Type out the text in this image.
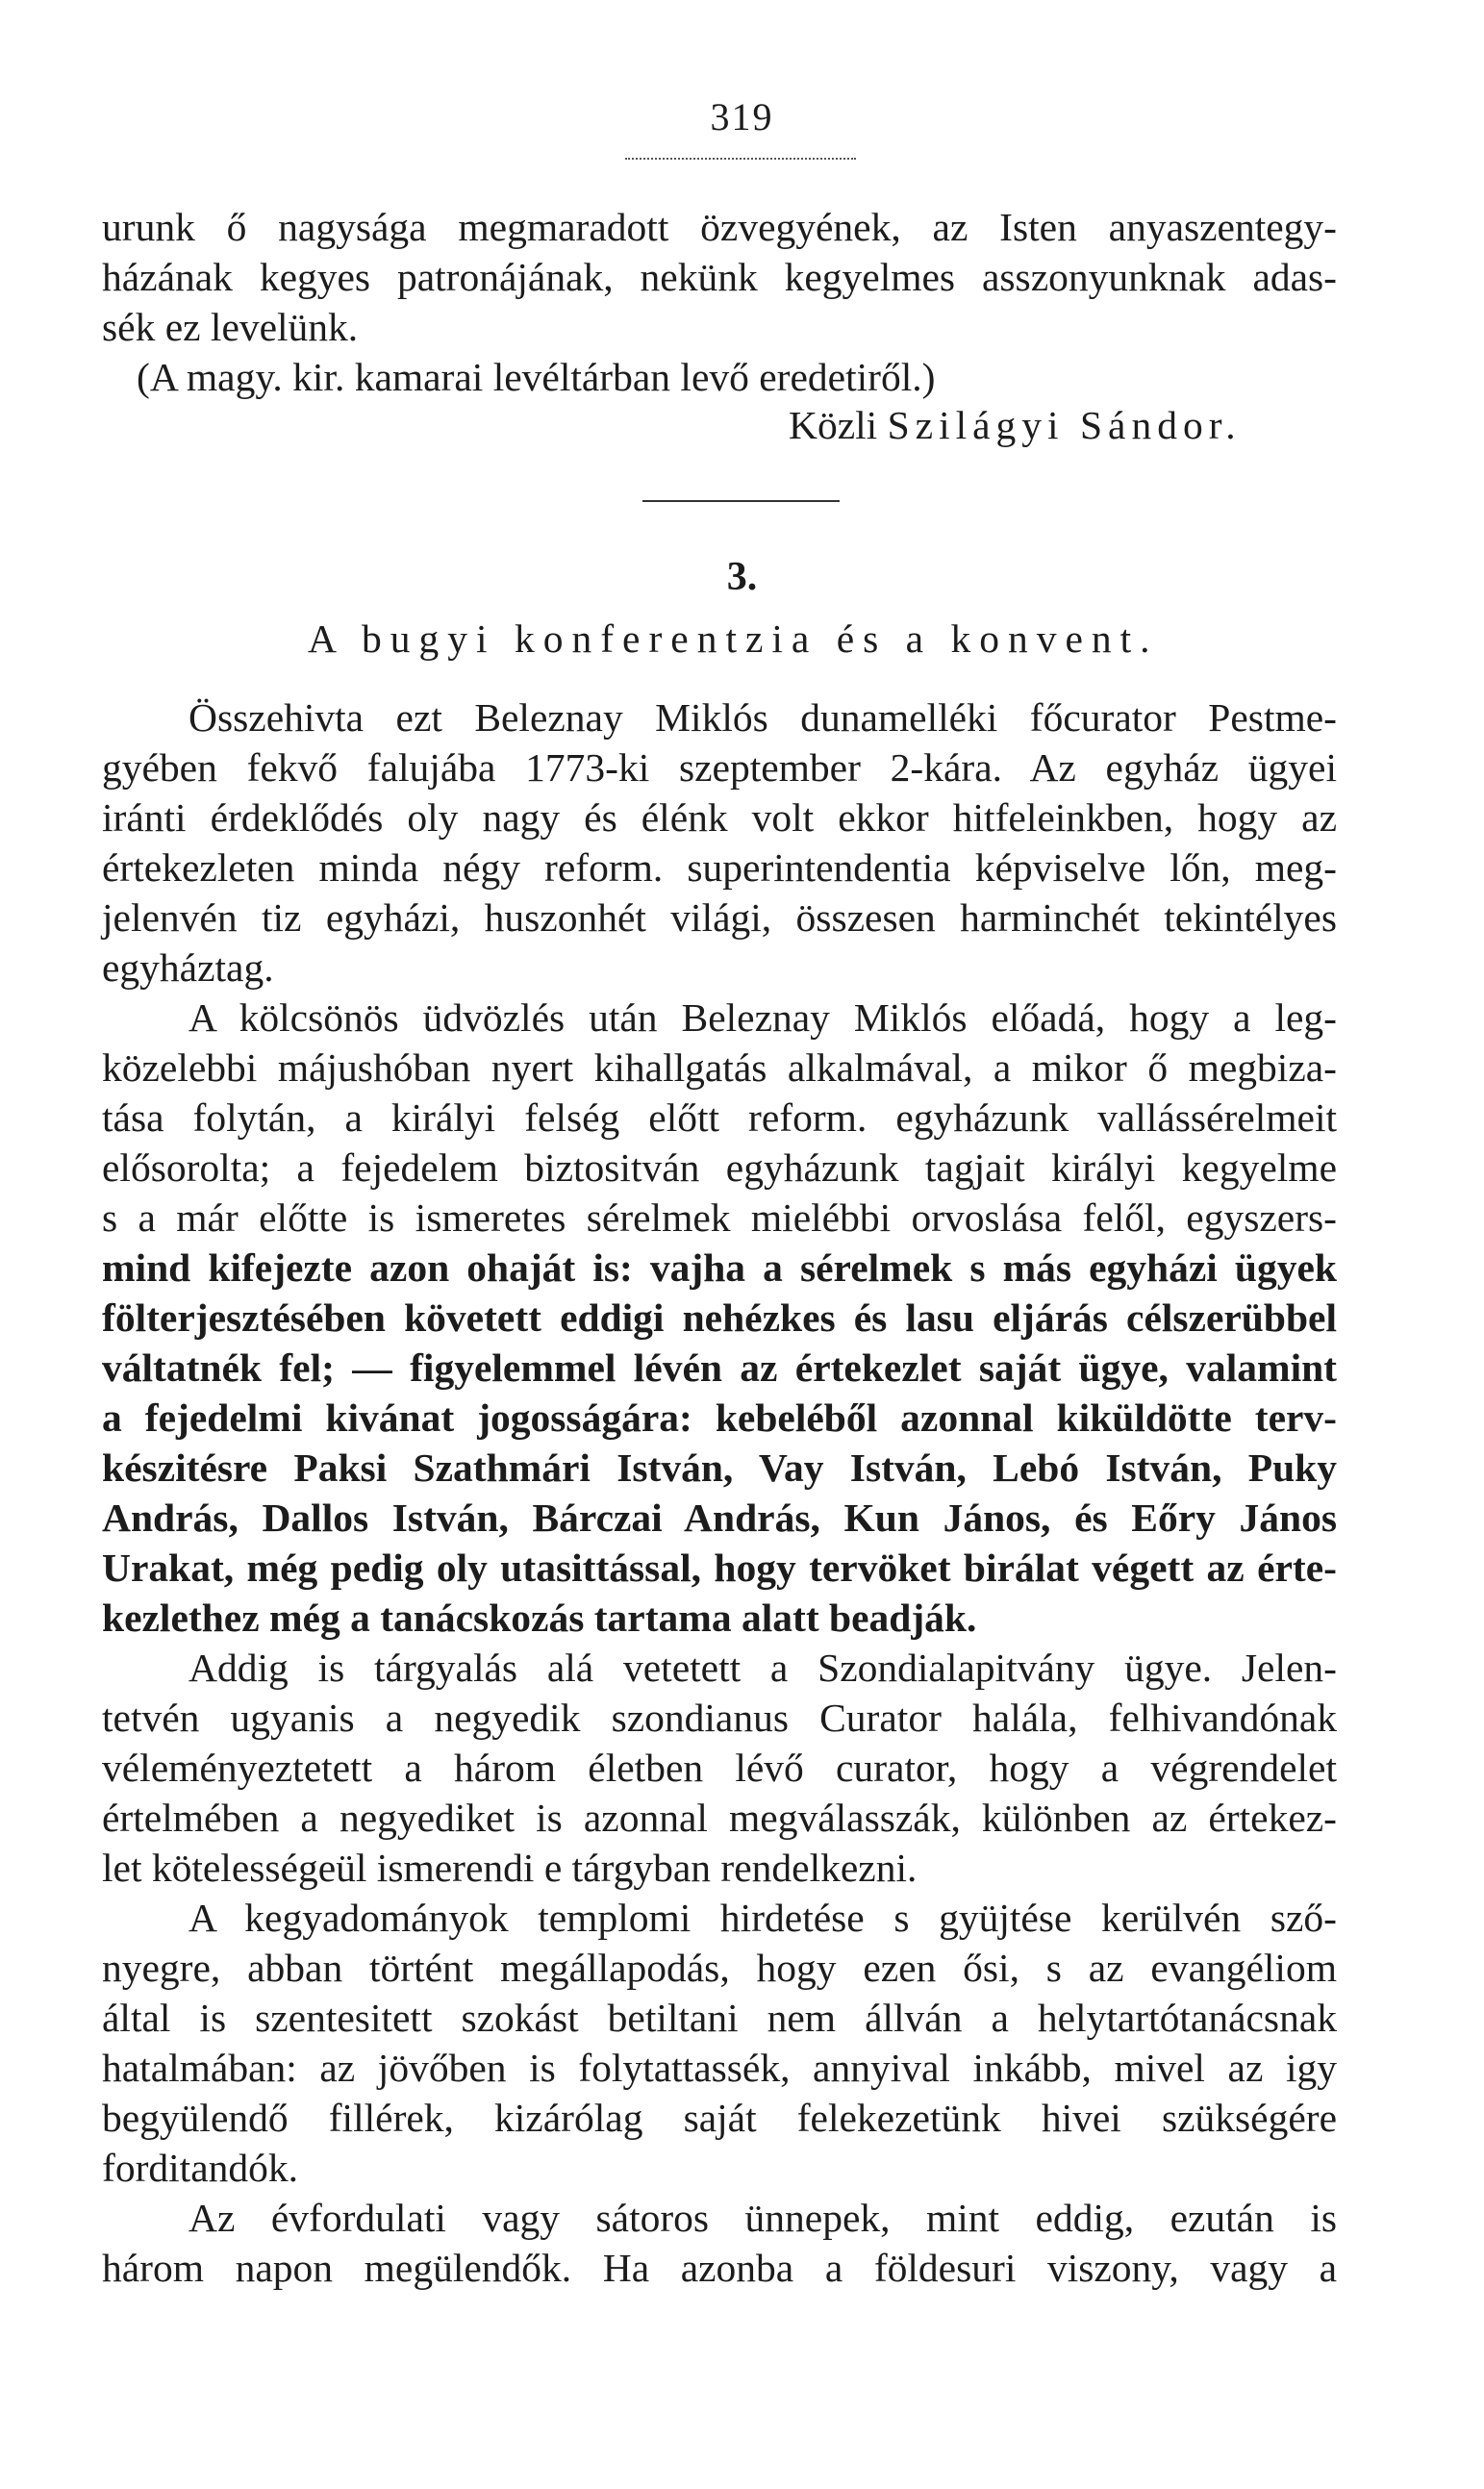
319
urunk ő nagysága megmaradott özvegyének, az Isten anyaszentegy-
házának kegyes patronájának, nekünk kegyelmes asszonyunknak adas-
sék ez levelünk.
(A magy. kir. kamarai levéltárban levő eredetiről.)
Közli Szilágyi Sándor.
3.
A bugyi konferentzia és a konvent.
Összehivta ezt Beleznay Miklós dunamelléki főcurator Pestme-
gyében fekvő falujába 1773-ki szeptember 2-kára. Az egyház ügyei
iránti érdeklődés oly nagy és élénk volt ekkor hitfeleinkben, hogy az
értekezleten minda négy reform. superintendentia képviselve lőn, meg-
jelenvén tiz egyházi, huszonhét világi, összesen harminchét tekintélyes
egyháztag.
A kölcsönös üdvözlés után Beleznay Miklós előadá, hogy a leg-
közelebbi májushóban nyert kihallgatás alkalmával, a mikor ő megbiza-
tása folytán, a királyi felség előtt reform. egyházunk vallássérelmeit
elősorolta; a fejedelem biztositván egyházunk tagjait királyi kegyelme
s a már előtte is ismeretes sérelmek mielébbi orvoslása felől, egyszers-
mind kifejezte azon ohaját is: vajha a sérelmek s más egyházi ügyek
fölterjesztésében követett eddigi nehézkes és lasu eljárás célszerübbel
váltatnék fel; — figyelemmel lévén az értekezlet saját ügye, valamint
a fejedelmi kivánat jogosságára: kebeléből azonnal kiküldötte terv-
készitésre Paksi Szathmári István, Vay István, Lebó István, Puky
András, Dallos István, Bárczai András, Kun János, és Eőry János
Urakat, még pedig oly utasittással, hogy tervöket birálat végett az érte-
kezlethez még a tanácskozás tartama alatt beadják.
Addig is tárgyalás alá vetetett a Szondialapitvány ügye. Jelen-
tetvén ugyanis a negyedik szondianus Curator halála, felhivandónak
véleményeztetett a három életben lévő curator, hogy a végrendelet
értelmében a negyediket is azonnal megválasszák, különben az értekez-
let kötelességeül ismerendi e tárgyban rendelkezni.
A kegyadományok templomi hirdetése s gyüjtése kerülvén sző-
nyegre, abban történt megállapodás, hogy ezen ősi, s az evangéliom
által is szentesitett szokást betiltani nem állván a helytartótanácsnak
hatalmában: az jövőben is folytattassék, annyival inkább, mivel az igy
begyülendő fillérek, kizárólag saját felekezetünk hivei szükségére
forditandók.
Az évfordulati vagy sátoros ünnepek, mint eddig, ezután is
három napon megülendők. Ha azonba a földesuri viszony, vagy a
